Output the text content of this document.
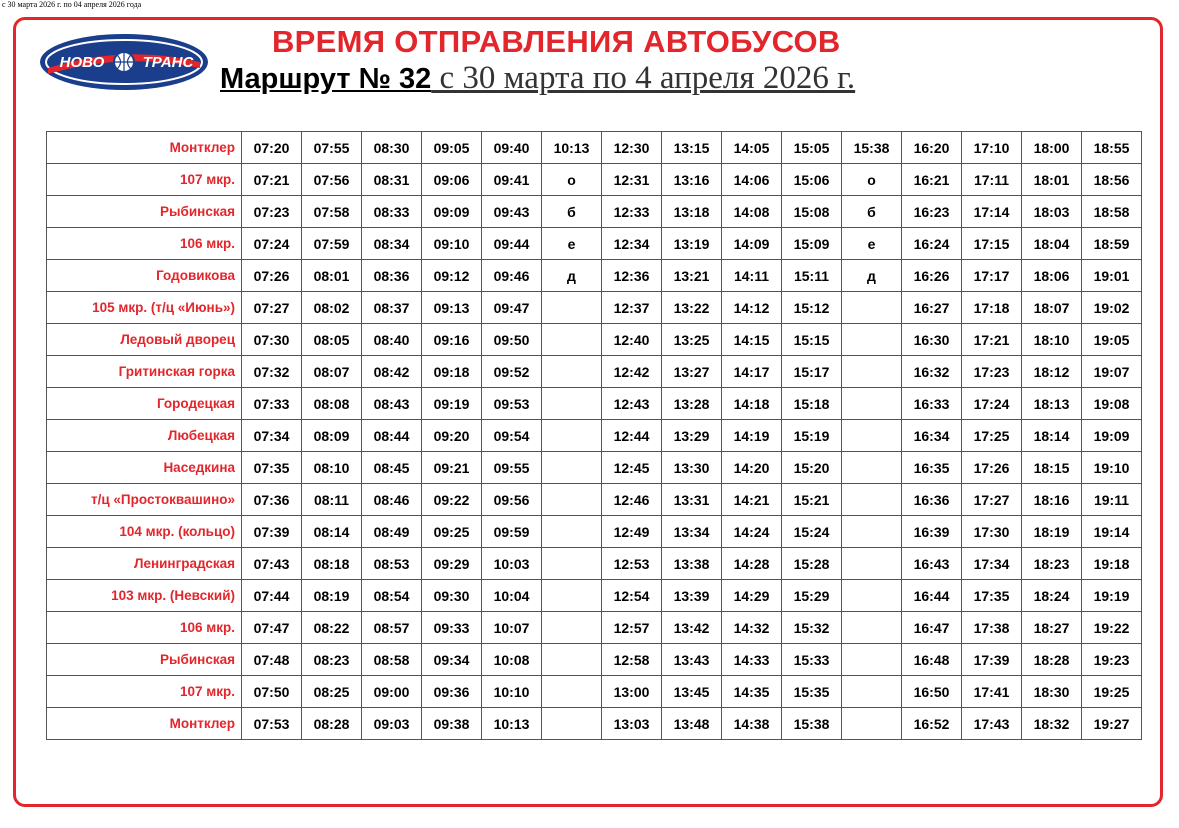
с 30 марта 2026 г. по 04 апреля 2026 года
НОВО	ТРАНС
ВРЕМЯ ОТПРАВЛЕНИЯ АВТОБУСОВ
Маршрут № 32 с 30 марта по 4 апреля 2026 г.
Монтклер	07:20	07:55	08:30	09:05	09:40	10:13	12:30	13:15	14:05	15:05	15:38	16:20	17:10	18:00	18:55
107 мкр.	07:21	07:56	08:31	09:06	09:41	о	12:31	13:16	14:06	15:06	о	16:21	17:11	18:01	18:56
Рыбинская	07:23	07:58	08:33	09:09	09:43	б	12:33	13:18	14:08	15:08	б	16:23	17:14	18:03	18:58
106 мкр.	07:24	07:59	08:34	09:10	09:44	е	12:34	13:19	14:09	15:09	е	16:24	17:15	18:04	18:59
Годовикова	07:26	08:01	08:36	09:12	09:46	д	12:36	13:21	14:11	15:11	д	16:26	17:17	18:06	19:01
105 мкр. (т/ц «Июнь»)	07:27	08:02	08:37	09:13	09:47		12:37	13:22	14:12	15:12		16:27	17:18	18:07	19:02
Ледовый дворец	07:30	08:05	08:40	09:16	09:50		12:40	13:25	14:15	15:15		16:30	17:21	18:10	19:05
Гритинская горка	07:32	08:07	08:42	09:18	09:52		12:42	13:27	14:17	15:17		16:32	17:23	18:12	19:07
Городецкая	07:33	08:08	08:43	09:19	09:53		12:43	13:28	14:18	15:18		16:33	17:24	18:13	19:08
Любецкая	07:34	08:09	08:44	09:20	09:54		12:44	13:29	14:19	15:19		16:34	17:25	18:14	19:09
Наседкина	07:35	08:10	08:45	09:21	09:55		12:45	13:30	14:20	15:20		16:35	17:26	18:15	19:10
т/ц «Простоквашино»	07:36	08:11	08:46	09:22	09:56		12:46	13:31	14:21	15:21		16:36	17:27	18:16	19:11
104 мкр. (кольцо)	07:39	08:14	08:49	09:25	09:59		12:49	13:34	14:24	15:24		16:39	17:30	18:19	19:14
Ленинградская	07:43	08:18	08:53	09:29	10:03		12:53	13:38	14:28	15:28		16:43	17:34	18:23	19:18
103 мкр. (Невский)	07:44	08:19	08:54	09:30	10:04		12:54	13:39	14:29	15:29		16:44	17:35	18:24	19:19
106 мкр.	07:47	08:22	08:57	09:33	10:07		12:57	13:42	14:32	15:32		16:47	17:38	18:27	19:22
Рыбинская	07:48	08:23	08:58	09:34	10:08		12:58	13:43	14:33	15:33		16:48	17:39	18:28	19:23
107 мкр.	07:50	08:25	09:00	09:36	10:10		13:00	13:45	14:35	15:35		16:50	17:41	18:30	19:25
Монтклер	07:53	08:28	09:03	09:38	10:13		13:03	13:48	14:38	15:38		16:52	17:43	18:32	19:27
